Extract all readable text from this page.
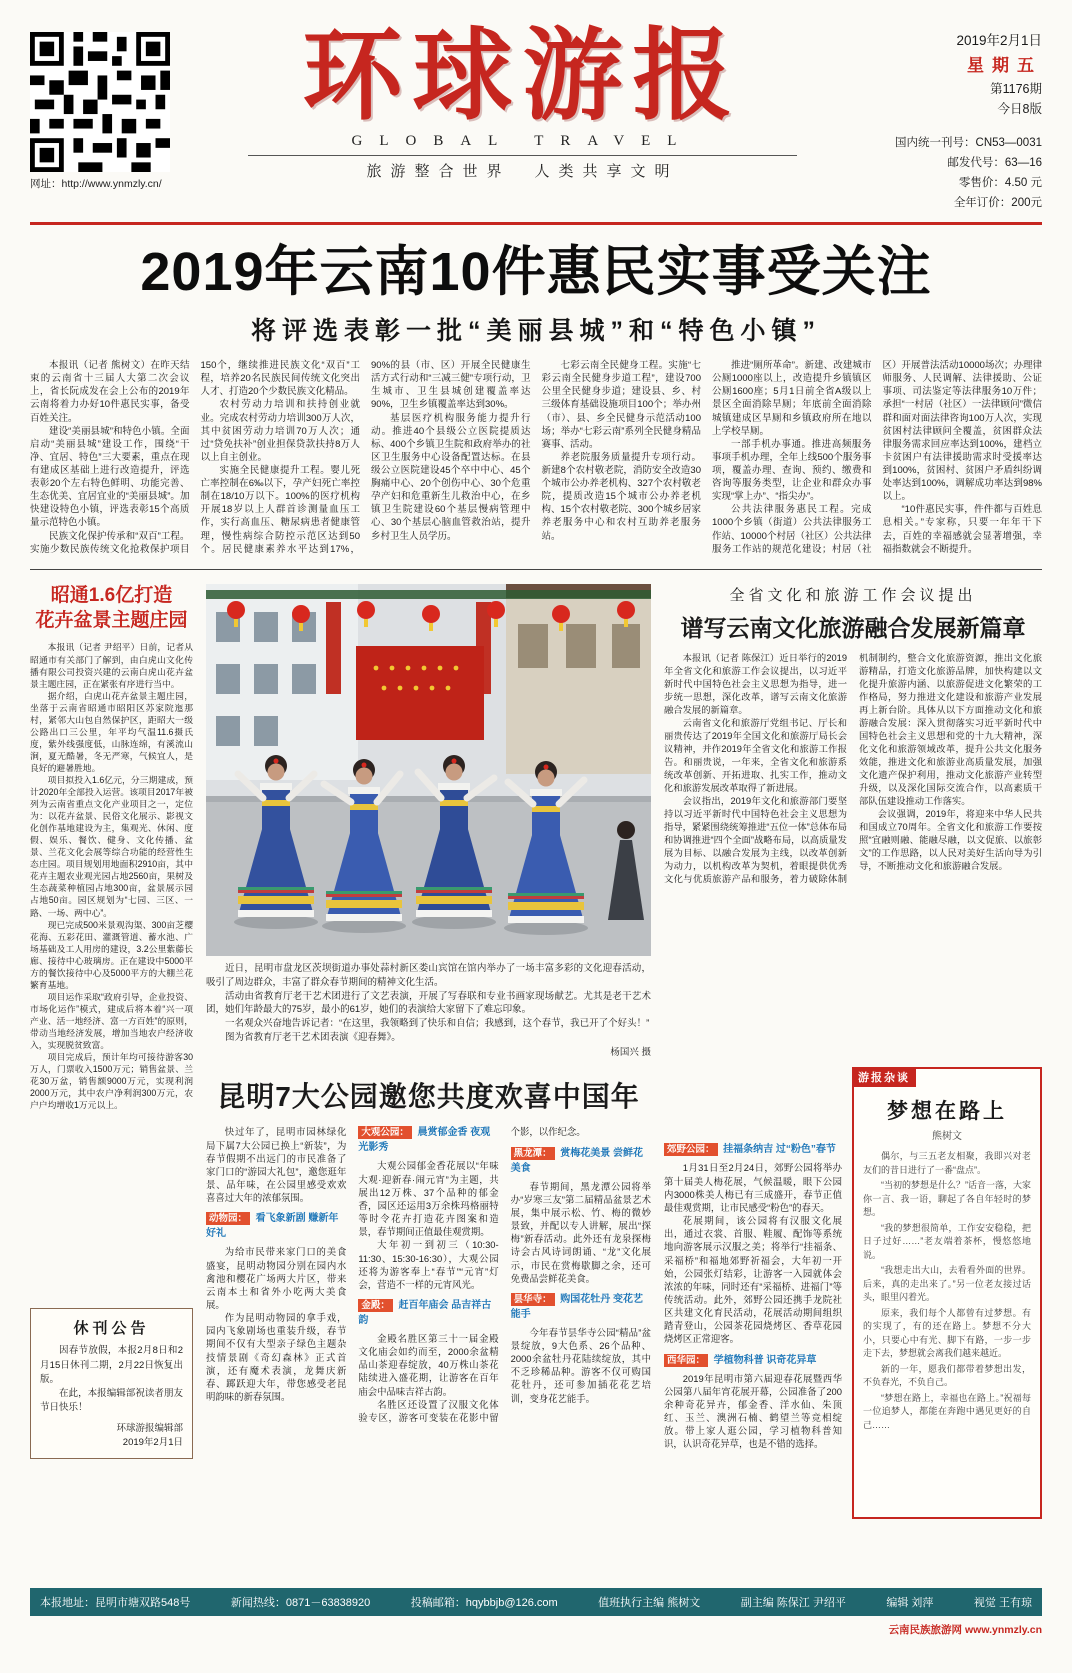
网址：http://www.ynmzly.cn/
环球游报
GLOBAL TRAVEL
旅游整合世界　人类共享文明
2019年2月1日
星期五
第1176期
今日8版
国内统一刊号：CN53—0031
邮发代号：63—16
零售价：4.50 元
全年订价：200元
2019年云南10件惠民实事受关注
将评选表彰一批“美丽县城”和“特色小镇”

本报讯（记者 熊树文）在昨天结束的云南省十三届人大第二次会议上，省长阮成发在会上公布的2019年云南将着力办好10件惠民实事，备受百姓关注。

建设“美丽县城”和特色小镇。全面启动“美丽县城”建设工作，围绕“干净、宜居、特色”三大要素，重点在现有建成区基础上进行改造提升，评选表彰20个左右特色鲜明、功能完善、生态优美、宜居宜业的“美丽县城”。加快建设特色小镇，评选表彰15个高质量示范特色小镇。

民族文化保护传承和“双百”工程。实施少数民族传统文化抢救保护项目150个，继续推进民族文化“双百”工程，培养20名民族民间传统文化突出人才、打造20个少数民族文化精品。

农村劳动力培训和扶持创业就业。完成农村劳动力培训300万人次，其中贫困劳动力培训70万人次；通过“贷免扶补”创业担保贷款扶持8万人以上自主创业。

实施全民健康提升工程。婴儿死亡率控制在6‰以下，孕产妇死亡率控制在18/10万以下。100%的医疗机构开展18岁以上人群首诊测量血压工作，实行高血压、糖尿病患者健康管理，慢性病综合防控示范区达到50个。居民健康素养水平达到17%，90%的县（市、区）开展全民健康生活方式行动和“三减三健”专项行动，卫生城市、卫生县城创建覆盖率达90%，卫生乡镇覆盖率达到30%。

基层医疗机构服务能力提升行动。推进40个县级公立医院提质达标、400个乡镇卫生院和政府举办的社区卫生服务中心设备配置达标。在县级公立医院建设45个卒中中心、45个胸痛中心、20个创伤中心、30个危重孕产妇和危重新生儿救治中心，在乡镇卫生院建设60个基层慢病管理中心、30个基层心脑血管救治站，提升乡村卫生人员学历。

七彩云南全民健身工程。实施“七彩云南全民健身步道工程”，建设700公里全民健身步道；建设县、乡、村三级体育基础设施项目100个；举办州（市）、县、乡全民健身示范活动100场；举办“七彩云南”系列全民健身精品赛事、活动。

养老院服务质量提升专项行动。新建8个农村敬老院，消防安全改造30个城市公办养老机构、327个农村敬老院，提质改造15个城市公办养老机构、15个农村敬老院、300个城乡居家养老服务中心和农村互助养老服务站。

推进“厕所革命”。新建、改建城市公厕1000座以上，改造提升乡镇镇区公厕1600座；5月1日前全省A级以上景区全面消除旱厕；年底前全面消除城镇建成区旱厕和乡镇政府所在地以上学校旱厕。

一部手机办事通。推进高频服务事项手机办理，全年上线500个服务事项，覆盖办理、查询、预约、缴费和咨询等服务类型，让企业和群众办事实现“掌上办”、“指尖办”。

公共法律服务惠民工程。完成1000个乡镇（街道）公共法律服务工作站、10000个村居（社区）公共法律服务工作站的规范化建设；村居（社区）开展普法活动10000场次；办理律师服务、人民调解、法律援助、公证事项、司法鉴定等法律服务10万件；承担“一村居（社区）一法律顾问”微信群和面对面法律咨询100万人次，实现贫困村法律顾问全覆盖，贫困群众法律服务需求回应率达到100%，建档立卡贫困户有法律援助需求时受援率达到100%，贫困村、贫困户矛盾纠纷调处率达到100%，调解成功率达到98%以上。

“10件惠民实事，件件都与百姓息息相关。”专家称，只要一年年干下去，百姓的幸福感就会显著增强，幸福指数就会不断提升。

昭通1.6亿打造
花卉盆景主题庄园

本报讯（记者 尹绍平）日前，记者从昭通市有关部门了解到，由白虎山文化传播有限公司投资兴建的云南白虎山花卉盆景主题庄园，正在紧张有序进行当中。

据介绍，白虎山花卉盆景主题庄园，坐落于云南省昭通市昭阳区苏家院迤那村，紧邻大山包自然保护区，距昭大一级公路出口三公里，年平均气温11.6摄氏度，紫外线强度低，山脉连绵，有溪流山涧，夏无酷暑，冬无严寒，气候宜人，是良好的避暑胜地。

项目拟投入1.6亿元，分三期建成，预计2020年全部投入运营。该项目2017年被列为云南省重点文化产业项目之一，定位为：以花卉盆景、民俗文化展示、影视文化创作基地建设为主，集观光、休闲、度假、娱乐、餐饮、健身、文化传播、盆景、兰花文化会展等综合功能的经营性生态庄园。项目规划用地面积2910亩，其中花卉主题农业观光园占地2560亩，果树及生态蔬菜种植园占地300亩，盆景展示园占地50亩。园区规划为“七园、三区、一路、一场、两中心”。

现已完成500米景观沟渠、300亩芝樱花海、五彩花田、灌溉管道、蓄水池、广场基础及工人用房的建设，3.2公里紫藤长廊、接待中心玻璃房。正在建设中5000平方的餐饮接待中心及5000平方的大棚兰花繁育基地。

项目运作采取“政府引导，企业投资、市场化运作”模式，建成后将本着“兴一项产业、活一地经济、富一方百姓”的原则，带动当地经济发展，增加当地农户经济收入，实现脱贫致富。

项目完成后，预计年均可接待游客30万人，门票收入1500万元；销售盆景、兰花30万盆，销售额9000万元，实现利润2000万元，其中农户净利润300万元，农户户均增收1万元以上。

休刊公告

因春节放假，本报2月8日和2月15日休刊二期，2月22日恢复出版。

在此，本报编辑部祝读者朋友节日快乐！

环球游报编辑部
2019年2月1日

近日，昆明市盘龙区茨坝街道办事处蒜村新区娄山宾馆在馆内举办了一场丰富多彩的文化迎春活动，吸引了周边群众，丰富了群众春节期间的精神文化生活。

活动由省教育厅老干艺术团进行了文艺表演，开展了写春联和专业书画家现场献艺。尤其是老干艺术团，她们年龄最大的75岁，最小的61岁，她们的表演给大家留下了难忘印象。

一名观众兴奋地告诉记者：“在这里，我领略到了快乐和自信；我感到，这个春节，我已开了个好头！”

图为省教育厅老干艺术团表演《迎春舞》。

杨国兴 摄
全省文化和旅游工作会议提出
谱写云南文化旅游融合发展新篇章

本报讯（记者 陈保江）近日举行的2019年全省文化和旅游工作会议提出，以习近平新时代中国特色社会主义思想为指导，进一步统一思想，深化改革，谱写云南文化旅游融合发展的新篇章。

云南省文化和旅游厅党组书记、厅长和丽贵传达了2019年全国文化和旅游厅局长会议精神，并作2019年全省文化和旅游工作报告。和丽贵说，一年来，全省文化和旅游系统改革创新、开拓进取、扎实工作，推动文化和旅游发展改革取得了新进展。

会议指出，2019年文化和旅游部门要坚持以习近平新时代中国特色社会主义思想为指导，紧紧围绕统筹推进“五位一体”总体布局和协调推进“四个全面”战略布局，以高质量发展为目标、以融合发展为主线，以改革创新为动力，以机构改革为契机，着眼提供优秀文化与优质旅游产品和服务，着力破除体制机制制约，整合文化旅游资源，推出文化旅游精品，打造文化旅游品牌，加快构建以文化提升旅游内涵、以旅游促进文化繁荣的工作格局，努力推进文化建设和旅游产业发展再上新台阶。具体从以下方面推动文化和旅游融合发展：深入贯彻落实习近平新时代中国特色社会主义思想和党的十九大精神，深化文化和旅游领域改革，提升公共文化服务效能，推进文化和旅游业高质量发展，加强文化遗产保护利用，推动文化旅游产业转型升级，以及深化国际交流合作，以高素质干部队伍建设推动工作落实。

会议强调，2019年，将迎来中华人民共和国成立70周年。全省文化和旅游工作要按照“宜融则融、能融尽融，以文促旅、以旅彰文”的工作思路，以人民对美好生活向导为引导，不断推动文化和旅游融合发展。

昆明7大公园邀您共度欢喜中国年

快过年了，昆明市园林绿化局下属7大公园已换上“新装”，为春节假期不出远门的市民准备了家门口的“游园大礼包”，邀您逛年景、品年味，在公园里感受欢欢喜喜过大年的浓郁氛围。

动物园： 看飞象新剧 赚新年好礼

为给市民带来家门口的美食盛宴，昆明动物园分别在园内水禽池和樱花广场两大片区，带来云南本土和省外小吃两大美食展。

作为昆明动物园的拿手戏，园内飞象剧场也重装升级，春节期间不仅有大型亲子绿色主题杂技情景剧《奇幻森林》正式首演，还有魔术表演，龙舞庆新春、踯跃迎大年，带您感受老昆明韵味的新春氛围。

大观公园： 晨赏郁金香 夜观光影秀

大观公园郁金香花展以“年味大观·迎新春·闹元宵”为主题，共展出12万株、37个品种的郁金香，园区还运用3万余株玛格丽特等时令花卉打造花卉图案和造景，春节期间正值最佳观赏期。

大年初一到初三（10:30-11:30、15:30-16:30），大观公园还将为游客奉上“春节”“元宵”灯会，营造不一样的元宵风光。

金殿： 赶百年庙会 品吉祥古韵

金殿名胜区第三十一届金殿文化庙会如约而至，2000余盆精品山茶迎春绽放，40万株山茶花陆续进入盛花期，让游客在百年庙会中品味吉祥古韵。

名胜区还设置了汉服文化体验专区，游客可变装在花影中留个影，以作纪念。

黑龙潭： 赏梅花美景 尝鲜花美食

春节期间，黑龙潭公园将举办“岁寒三友”第二届精品盆景艺术展，集中展示松、竹、梅的微妙景致，并配以专人讲解，展出“探梅”新春活动。此外还有龙泉探梅诗会古风诗词朗诵、“龙”文化展示，市民在赏梅歇脚之余，还可免费品尝鲜花美食。

昙华寺： 购国花牡丹 变花艺能手

今年春节昙华寺公园“精品”盆景绽放，9大色系、26个品种、2000余盆牡丹花陆续绽放，其中不乏珍稀品种。游客不仅可购国花牡丹，还可参加插花花艺培训，变身花艺能手。

郊野公园： 挂福条纳吉 过“粉色”春节

1月31日至2月24日，郊野公园将举办第十届美人梅花展，气候温暖，眼下公园内3000株美人梅已有三成盛开，春节正值最佳观赏期，让市民感受“粉色”的春天。

花展期间，该公园将有汉服文化展出，通过衣裳、首服、鞋履、配饰等系统地向游客展示汉服之美；将举行“挂福条、采福桥”和福地郊野祈福会，大年初一开始，公园张灯结彩，让游客一入园就体会浓浓的年味，同时还有“采福桥、进福门”等传统活动。此外，郊野公园还携手龙院社区共建文化育民活动，花展活动期间组织踏青登山，公园茶花园烧烤区、香草花园烧烤区正常迎客。

西华园： 学植物科普 识奇花异草

2019年昆明市第六届迎春花展暨西华公园第八届年宵花展开幕，公园准备了200余种奇花异卉，郁金香、洋水仙、朱顶红、玉兰、澳洲石楠、鹤望兰等竞相绽放。带上家人逛公园，学习植物科普知识，认识奇花异草，也是不错的选择。

游报杂谈
梦想在路上
熊树文

偶尔，与三五老友相聚，我即兴对老友们的昔日进行了一番“盘点”。

“当初的梦想是什么？”话音一落，大家你一言、我一语，聊起了各自年轻时的梦想。

“我的梦想很简单，工作安安稳稳，把日子过好……”老友端着茶杯，慢悠悠地说。

“我想走出大山，去看看外面的世界。后来，真的走出来了。”另一位老友接过话头，眼里闪着光。

原来，我们每个人都曾有过梦想。有的实现了，有的还在路上。梦想不分大小，只要心中有光、脚下有路，一步一步走下去，梦想就会离我们越来越近。

新的一年，愿我们都带着梦想出发，不负春光，不负自己。

“梦想在路上，幸福也在路上。”祝福每一位追梦人，都能在奔跑中遇见更好的自己……

本报地址：昆明市塘双路548号	新闻热线：0871－63838920	投稿邮箱：hqybbjb@126.com	值班执行主编 熊树文	副主编 陈保江 尹绍平	编辑 刘萍	视觉 王有琼
云南民族旅游网 www.ynmzly.cn
